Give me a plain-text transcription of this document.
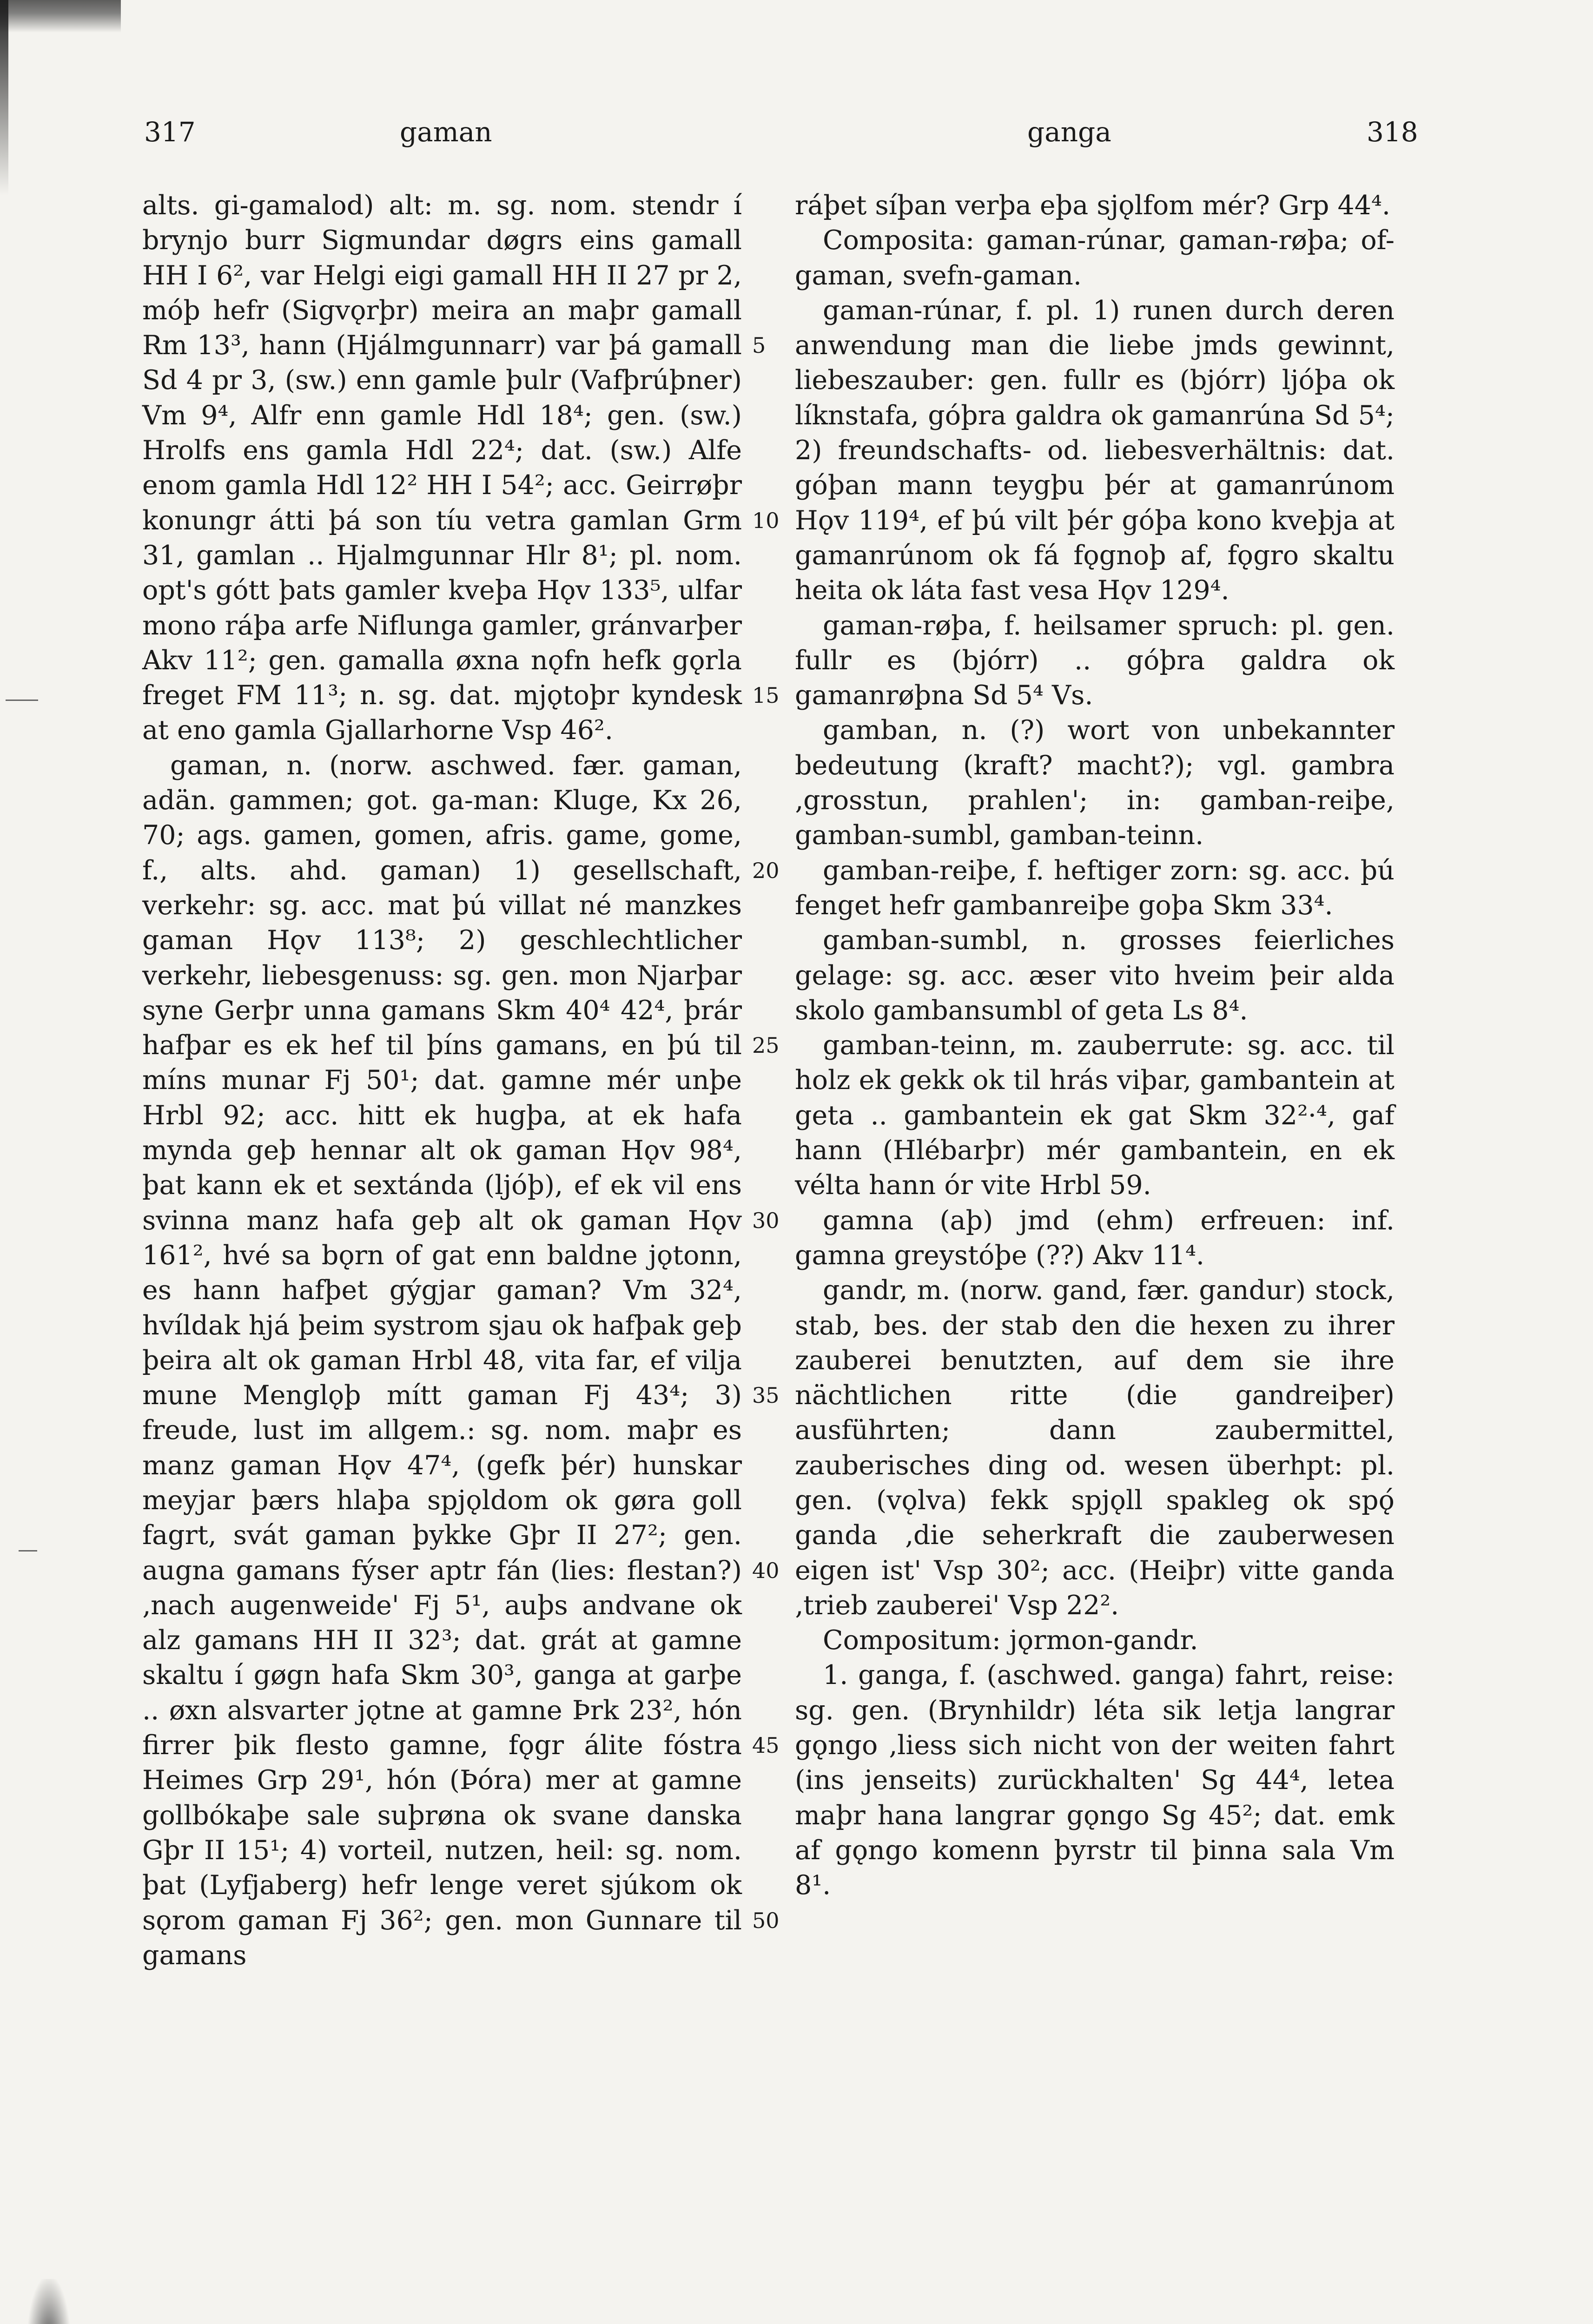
317	gaman	ganga	318

alts. gi-gamalod) alt: m. sg. nom. stendr í brynjo burr Sigmundar døgrs eins gamall HH I 6², var Helgi eigi gamall HH II 27 pr 2, móþ hefr (Sigvǫrþr) meira an maþr gamall Rm 13³, hann (Hjálmgunnarr) var þá gamall Sd 4 pr 3, (sw.) enn gamle þulr (Vafþrúþner) Vm 9⁴, Alfr enn gamle Hdl 18⁴; gen. (sw.) Hrolfs ens gamla Hdl 22⁴; dat. (sw.) Alfe enom gamla Hdl 12² HH I 54²; acc. Geirrøþr konungr átti þá son tíu vetra gamlan Grm 31, gamlan .. Hjalmgunnar Hlr 8¹; pl. nom. opt's gótt þats gamler kveþa Hǫv 133⁵, ulfar mono ráþa arfe Niflunga gamler, gránvarþer Akv 11²; gen. gamalla øxna nǫfn hefk gǫrla freget FM 11³; n. sg. dat. mjǫtoþr kyndesk at eno gamla Gjallarhorne Vsp 46².

gaman, n. (norw. aschwed. fær. gaman, adän. gammen; got. ga-man: Kluge, Kx 26, 70; ags. gamen, gomen, afris. game, gome, f., alts. ahd. gaman) 1) gesellschaft, verkehr: sg. acc. mat þú villat né manzkes gaman Hǫv 113⁸; 2) geschlechtlicher verkehr, liebesgenuss: sg. gen. mon Njarþar syne Gerþr unna gamans Skm 40⁴ 42⁴, þrár hafþar es ek hef til þíns gamans, en þú til míns munar Fj 50¹; dat. gamne mér unþe Hrbl 92; acc. hitt ek hugþa, at ek hafa mynda geþ hennar alt ok gaman Hǫv 98⁴, þat kann ek et sextánda (ljóþ), ef ek vil ens svinna manz hafa geþ alt ok gaman Hǫv 161², hvé sa bǫrn of gat enn baldne jǫtonn, es hann hafþet gýgjar gaman? Vm 32⁴, hvíldak hjá þeim systrom sjau ok hafþak geþ þeira alt ok gaman Hrbl 48, vita far, ef vilja mune Menglǫþ mítt gaman Fj 43⁴; 3) freude, lust im allgem.: sg. nom. maþr es manz gaman Hǫv 47⁴, (gefk þér) hunskar meyjar þærs hlaþa spjǫldom ok gøra goll fagrt, svát gaman þykke Gþr II 27²; gen. augna gamans fýser aptr fán (lies: flestan?) ‚nach augenweide' Fj 5¹, auþs andvane ok alz gamans HH II 32³; dat. grát at gamne skaltu í gøgn hafa Skm 30³, ganga at garþe .. øxn alsvarter jǫtne at gamne Þrk 23², hón firrer þik flesto gamne, fǫgr álite fóstra Heimes Grp 29¹, hón (Þóra) mer at gamne gollbókaþe sale suþrøna ok svane danska Gþr II 15¹; 4) vorteil, nutzen, heil: sg. nom. þat (Lyfjaberg) hefr lenge veret sjúkom ok sǫrom gaman Fj 36²; gen. mon Gunnare til gamans

5
10
15
20
25
30
35
40
45
50

ráþet síþan verþa eþa sjǫlfom mér? Grp 44⁴.

Composita: gaman-rúnar, gaman-røþa; of-gaman, svefn-gaman.

gaman-rúnar, f. pl. 1) runen durch deren anwendung man die liebe jmds gewinnt, liebeszauber: gen. fullr es (bjórr) ljóþa ok líknstafa, góþra galdra ok gamanrúna Sd 5⁴; 2) freundschafts- od. liebesverhältnis: dat. góþan mann teygþu þér at gamanrúnom Hǫv 119⁴, ef þú vilt þér góþa kono kveþja at gamanrúnom ok fá fǫgnoþ af, fǫgro skaltu heita ok láta fast vesa Hǫv 129⁴.

gaman-røþa, f. heilsamer spruch: pl. gen. fullr es (bjórr) .. góþra galdra ok gamanrøþna Sd 5⁴ Vs.

gamban, n. (?) wort von unbekannter bedeutung (kraft? macht?); vgl. gambra ‚grosstun, prahlen'; in: gamban-reiþe, gamban-sumbl, gamban-teinn.

gamban-reiþe, f. heftiger zorn: sg. acc. þú fenget hefr gambanreiþe goþa Skm 33⁴.

gamban-sumbl, n. grosses feierliches gelage: sg. acc. æser vito hveim þeir alda skolo gambansumbl of geta Ls 8⁴.

gamban-teinn, m. zauberrute: sg. acc. til holz ek gekk ok til hrás viþar, gambantein at geta .. gambantein ek gat Skm 32²·⁴, gaf hann (Hlébarþr) mér gambantein, en ek vélta hann ór vite Hrbl 59.

gamna (aþ) jmd (ehm) erfreuen: inf. gamna greystóþe (??) Akv 11⁴.

gandr, m. (norw. gand, fær. gandur) stock, stab, bes. der stab den die hexen zu ihrer zauberei benutzten, auf dem sie ihre nächtlichen ritte (die gandreiþer) ausführten; dann zaubermittel, zauberisches ding od. wesen überhpt: pl. gen. (vǫlva) fekk spjǫll spakleg ok spǫ́ ganda ‚die seherkraft die zauberwesen eigen ist' Vsp 30²; acc. (Heiþr) vitte ganda ‚trieb zauberei' Vsp 22².

Compositum: jǫrmon-gandr.

1. ganga, f. (aschwed. ganga) fahrt, reise: sg. gen. (Brynhildr) léta sik letja langrar gǫngo ‚liess sich nicht von der weiten fahrt (ins jenseits) zurückhalten' Sg 44⁴, letea maþr hana langrar gǫngo Sg 45²; dat. emk af gǫngo komenn þyrstr til þinna sala Vm 8¹.
